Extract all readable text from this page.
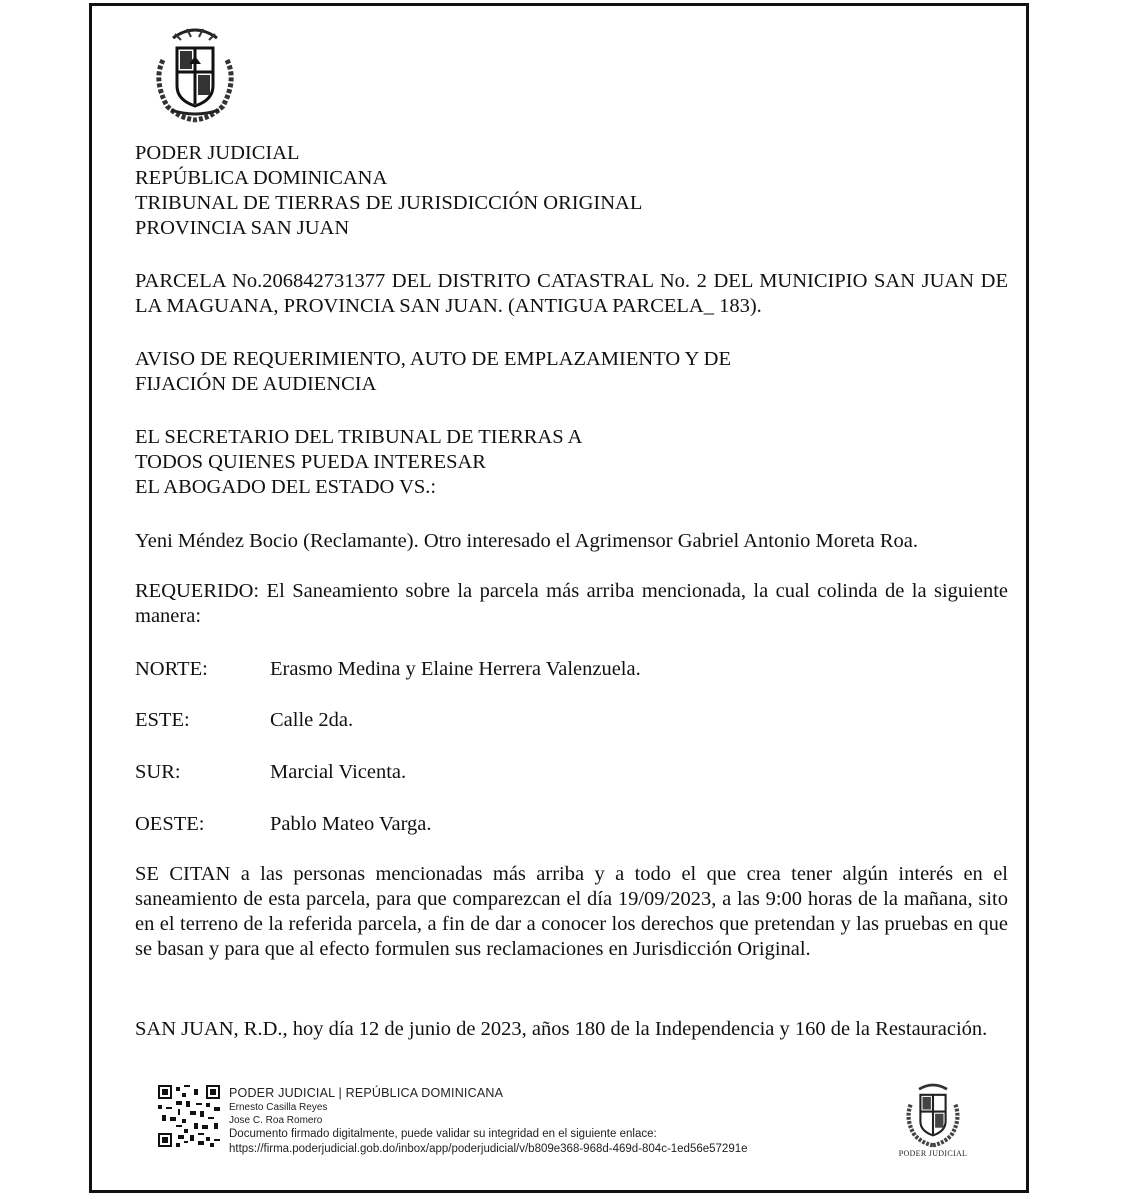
PODER JUDICIAL

REPÚBLICA DOMINICANA

TRIBUNAL DE TIERRAS DE JURISDICCIÓN ORIGINAL

PROVINCIA SAN JUAN

PARCELA No.206842731377 DEL DISTRITO CATASTRAL No. 2 DEL MUNICIPIO SAN JUAN DE LA MAGUANA, PROVINCIA SAN JUAN. (ANTIGUA PARCELA_ 183).

AVISO DE REQUERIMIENTO, AUTO DE EMPLAZAMIENTO Y DE

FIJACIÓN DE AUDIENCIA

EL SECRETARIO DEL TRIBUNAL DE TIERRAS A

TODOS QUIENES PUEDA INTERESAR

EL ABOGADO DEL ESTADO VS.:

Yeni Méndez Bocio (Reclamante). Otro interesado el Agrimensor Gabriel Antonio Moreta Roa.

REQUERIDO: El Saneamiento sobre la parcela más arriba mencionada, la cual colinda de la siguiente manera:

NORTE:	Erasmo Medina y Elaine Herrera Valenzuela.
ESTE:	Calle 2da.
SUR:	Marcial Vicenta.
OESTE:	Pablo Mateo Varga.

SE CITAN a las personas mencionadas más arriba y a todo el que crea tener algún interés en el saneamiento de esta parcela, para que comparezcan el día 19/09/2023, a las 9:00 horas de la mañana, sito en el terreno de la referida parcela, a fin de dar a conocer los derechos que pretendan y las pruebas en que se basan y para que al efecto formulen sus reclamaciones en Jurisdicción Original.

SAN JUAN, R.D., hoy día 12 de junio de 2023, años 180 de la Independencia y 160 de la Restauración.

PODER JUDICIAL | REPÚBLICA DOMINICANA
Ernesto Casilla Reyes
Jose C. Roa Romero
Documento firmado digitalmente, puede validar su integridad en el siguiente enlace:
https://firma.poderjudicial.gob.do/inbox/app/poderjudicial/v/b809e368-968d-469d-804c-1ed56e57291e	PODER JUDICIAL
